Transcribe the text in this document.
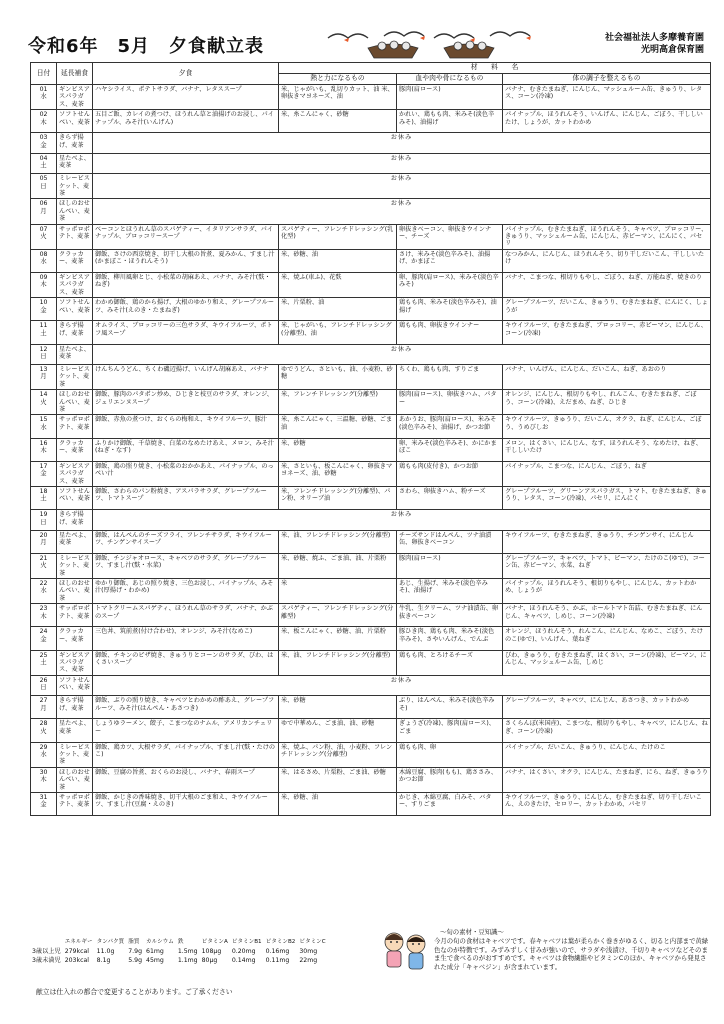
令和6年　5月　夕食献立表	社会福祉法人多摩養育園
光明高倉保育園
日付	延長補食	夕食	材　　料　　名		
			熱と力になるもの	血や肉や骨になるもの	体の調子を整えるもの

01
水	ギンビスアスパラガス、麦茶	ハヤシライス、ポテトサラダ、バナナ、レタススープ	米、じゃがいも、乱切りカット、油 米、卵抜きマヨネーズ、油	豚肉(肩ロース)	バナナ、むきたまねぎ、にんじん、マッシュルーム缶、きゅうり、レタス、コーン(冷凍)

02
木	ソフトせんべい、麦茶	五目ご飯、カレイの煮つけ、ほうれん草と油揚げのお浸し、パイナップル、みそ汁(いんげん)	米、糸こんにゃく、砂糖	かれい、鶏もも肉、米みそ(淡色辛みそ)、油揚げ	パイナップル、ほうれんそう、いんげん、にんじん、ごぼう、干ししいたけ、しょうが、カットわかめ

03
金	きらず揚げ、麦茶	お休み			

04
土	星たべよ、麦茶	お休み			

05
日	ミレービスケット、麦茶	お休み			

06
月	ほしのおせんべい、麦茶	お休み			

07
火	サッポロポテト、麦茶	ベーコンとほうれん草のスパゲティー、イタリアンサラダ、パイナップル、ブロッコリースープ	スパゲティー、フレンチドレッシング(乳化型)	卵抜きベーコン、卵抜きウインナー、チーズ	パイナップル、むきたまねぎ、ほうれんそう、キャベツ、ブロッコリー、きゅうり、マッシュルーム缶、にんじん、赤ピーマン、にんにく、パセリ

08
水	クラッカー、麦茶	御飯、さけの西京焼き、切干し大根の旨煮、夏みかん、すまし汁(かまぼこ・ほうれんそう)	米、砂糖、油	さけ、米みそ(淡色辛みそ)、油揚げ、かまぼこ	なつみかん、にんじん、ほうれんそう、切り干しだいこん、干ししいたけ

09
木	ギンビスアスパラガス、麦茶	御飯、柳川風卵とじ、小松菜の胡麻あえ、バナナ、みそ汁(麩・ねぎ)	米、焼ふ(車ふ)、花麩	卵、豚肉(肩ロース)、米みそ(淡色辛みそ)	バナナ、こまつな、根切りもやし、ごぼう、ねぎ、万能ねぎ、焼きのり

10
金	ソフトせんべい、麦茶	わかめ御飯、鶏のから揚げ、大根のゆかり和え、グレープフルーツ、みそ汁(えのき・たまねぎ)	米、片栗粉、油	鶏もも肉、米みそ(淡色辛みそ)、油揚げ	グレープフルーツ、だいこん、きゅうり、むきたまねぎ、にんにく、しょうが

11
土	きらず揚げ、麦茶	オムライス、ブロッコリーの三色サラダ、キウイフルーツ、ポトフ風スープ	米、じゃがいも、フレンチドレッシング(分離型)、油	鶏もも肉、卵抜きウインナー	キウイフルーツ、むきたまねぎ、ブロッコリー、赤ピーマン、にんじん、コーン(冷凍)

12
日	星たべよ、麦茶	お休み			

13
月	ミレービスケット、麦茶	けんちんうどん、ちくわ磯辺揚げ、いんげん胡麻あえ、バナナ	ゆでうどん、さといも、油、小麦粉、砂糖	ちくわ、鶏もも肉、すりごま	バナナ、いんげん、にんじん、だいこん、ねぎ、あおのり

14
火	ほしのおせんべい、麦茶	御飯、豚肉のパタポン炒め、ひじきと枝豆のサラダ、オレンジ、ジュリエンヌスープ	米、フレンチドレッシング(分離型)	豚肉(肩ロース)、卵抜きハム、パター	オレンジ、にんじん、根切りもやし、れんこん、むきたまねぎ、ごぼう、コーン(冷凍)、えだまめ、ねぎ、ひじき

15
水	サッポロポテト、麦茶	御飯、赤魚の煮つけ、おくらの梅和え、キウイフルーツ、豚汁	米、糸こんにゃく、三温糖、砂糖、ごま油	あかうお、豚肉(肩ロース)、米みそ(淡色辛みそ)、油揚げ、かつお節	キウイフルーツ、きゅうり、だいこん、オクラ、ねぎ、にんじん、ごぼう、うめびしお

16
木	クラッカー、麦茶	ふりかけ御飯、千草焼き、白菜のなめたけあえ、メロン、みそ汁(ねぎ・なす)	米、砂糖	卵、米みそ(淡色辛みそ)、かにかまぼこ	メロン、はくさい、にんじん、なす、ほうれんそう、なめたけ、ねぎ、干ししいたけ

17
金	ギンビスアスパラガス、麦茶	御飯、鶏の照り焼き、小松菜のおかかあえ、パイナップル、のっぺい汁	米、さといも、板こんにゃく、卵抜きマヨネーズ、油、砂糖	鶏もも肉(皮付き)、かつお節	パイナップル、こまつな、にんじん、ごぼう、ねぎ

18
土	ソフトせんべい、麦茶	御飯、さわらのパン粉焼き、アスパラサラダ、グレープフルーツ、トマトスープ	米、フレンチドレッシング(分離型)、パン粉、オリーブ油	さわら、卵抜きハム、粉チーズ	グレープフルーツ、グリーンアスパラガス、トマト、むきたまねぎ、きゅうり、レタス、コーン(冷凍)、パセリ、にんにく

19
日	きらず揚げ、麦茶	お休み			

20
月	星たべよ、麦茶	御飯、はんぺんのチーズフライ、フレンチサラダ、キウイフルーツ、チンゲンサイスープ	米、油、フレンチドレッシング(分離型)	チーズサンドはんぺん、ツナ油漬缶、卵抜きベーコン	キウイフルーツ、むきたまねぎ、きゅうり、チンゲンサイ、にんじん

21
火	ミレービスケット、麦茶	御飯、チンジャオロース、キャベツのサラダ、グレープフルーツ、すまし汁(麩・水菜)	米、砂糖、焼ふ、ごま油、油、片栗粉	豚肉(肩ロース)	グレープフルーツ、キャベツ、トマト、ピーマン、たけのこ(ゆで)、コーン缶、赤ピーマン、水菜、ねぎ

22
水	ほしのおせんべい、麦茶	ゆかり御飯、あじの照り焼き、三色お浸し、パイナップル、みそ汁(厚揚げ・わかめ)	米	あじ、生揚げ、米みそ(淡色辛みそ)、油揚げ	パイナップル、ほうれんそう、根切りもやし、にんじん、カットわかめ、しょうが

23
木	サッポロポテト、麦茶	トマトクリームスパゲティ、ほうれん草のサラダ、バナナ、かぶのスープ	スパゲティー、フレンチドレッシング(分離型)	牛乳、生クリーム、ツナ油漬缶、卵抜きベーコン	バナナ、ほうれんそう、かぶ、ホールトマト缶詰、むきたまねぎ、にんじん、キャベツ、しめじ、コーン(冷凍)

24
金	クラッカー、麦茶	三色丼、筑前煮(付け合わせ)、オレンジ、みそ汁(なめこ)	米、板こんにゃく、砂糖、油、片栗粉	豚ひき肉、鶏もも肉、米みそ(淡色辛みそ)、さやいんげん、でんぶ	オレンジ、ほうれんそう、れんこん、にんじん、なめこ、ごぼう、たけのこ(ゆで)、いんげん、葉ねぎ

25
土	ギンビスアスパラガス、麦茶	御飯、チキンのピザ焼き、きゅうりとコーンのサラダ、びわ、はくさいスープ	米、油、フレンチドレッシング(分離型)	鶏もも肉、とろけるチーズ	びわ、きゅうり、むきたまねぎ、はくさい、コーン(冷凍)、ピーマン、にんじん、マッシュルーム缶、しめじ

26
日	ソフトせんべい、麦茶	お休み			

27
月	きらず揚げ、麦茶	御飯、ぶりの照り焼き、キャベツとわかめの酢あえ、グレープフルーツ、みそ汁(はんぺん・あさつき)	米、砂糖	ぶり、はんぺん、米みそ(淡色辛みそ)	グレープフルーツ、キャベツ、にんじん、あさつき、カットわかめ

28
火	星たべよ、麦茶	しょうゆラーメン、餃子、こまつなのナムル、アメリカンチェリー	ゆで中華めん、ごま油、油、砂糖	ぎょうざ(冷凍)、豚肉(肩ロース)、ごま	さくらんぼ(米国産)、こまつな、根切りもやし、キャベツ、にんじん、ねぎ、コーン(冷凍)

29
水	ミレービスケット、麦茶	御飯、鶏カツ、大根サラダ、パイナップル、すまし汁(麩・たけのこ)	米、焼ふ、パン粉、油、小麦粉、フレンチドレッシング(分離型)	鶏もも肉、卵	パイナップル、だいこん、きゅうり、にんじん、たけのこ

30
木	ほしのおせんべい、麦茶	御飯、豆腐の旨煮、おくらのお浸し、バナナ、春雨スープ	米、はるさめ、片栗粉、ごま油、砂糖	木綿豆腐、豚肉(もも)、鶏ささみ、かつお節	バナナ、はくさい、オクラ、にんじん、たまねぎ、にら、ねぎ、きゅうり

31
金	サッポロポテト、麦茶	御飯、かじきの香味焼き、切干大根のごま和え、キウイフルーツ、すまし汁(豆腐・えのき)	米、砂糖、油	かじき、木綿豆腐、白みそ、バター、すりごま	キウイフルーツ、きゅうり、にんじん、むきたまねぎ、切り干しだいこん、えのきたけ、セロリー、カットわかめ、パセリ
	エネルギー	タンパク質	脂質	カルシウム	鉄	ビタミンA	ビタミンB1	ビタミンB2	ビタミンC
3歳以上児	279kcal	11.0g	7.9g	61mg	1.5mg	108μg	0.20mg	0.16mg	30mg
3歳未満児	203kcal	8.1g	5.9g	45mg	1.1mg	80μg	0.14mg	0.11mg	22mg
～旬の素材・豆知識～
今月の旬の食材はキャベツです。春キャベツは葉が柔らかく巻きがゆるく、切ると内部まで黄緑色なのが特徴です。みずみずしく甘みが強いので、サラダや浅漬け、千切りキャベツなどそのまま生で食べるのがおすすめです。キャベツは食物繊維やビタミンCのほか、キャベツから発見された成分「キャベジン」が含まれています。
献立は仕入れの都合で変更することがあります。ご了承ください
